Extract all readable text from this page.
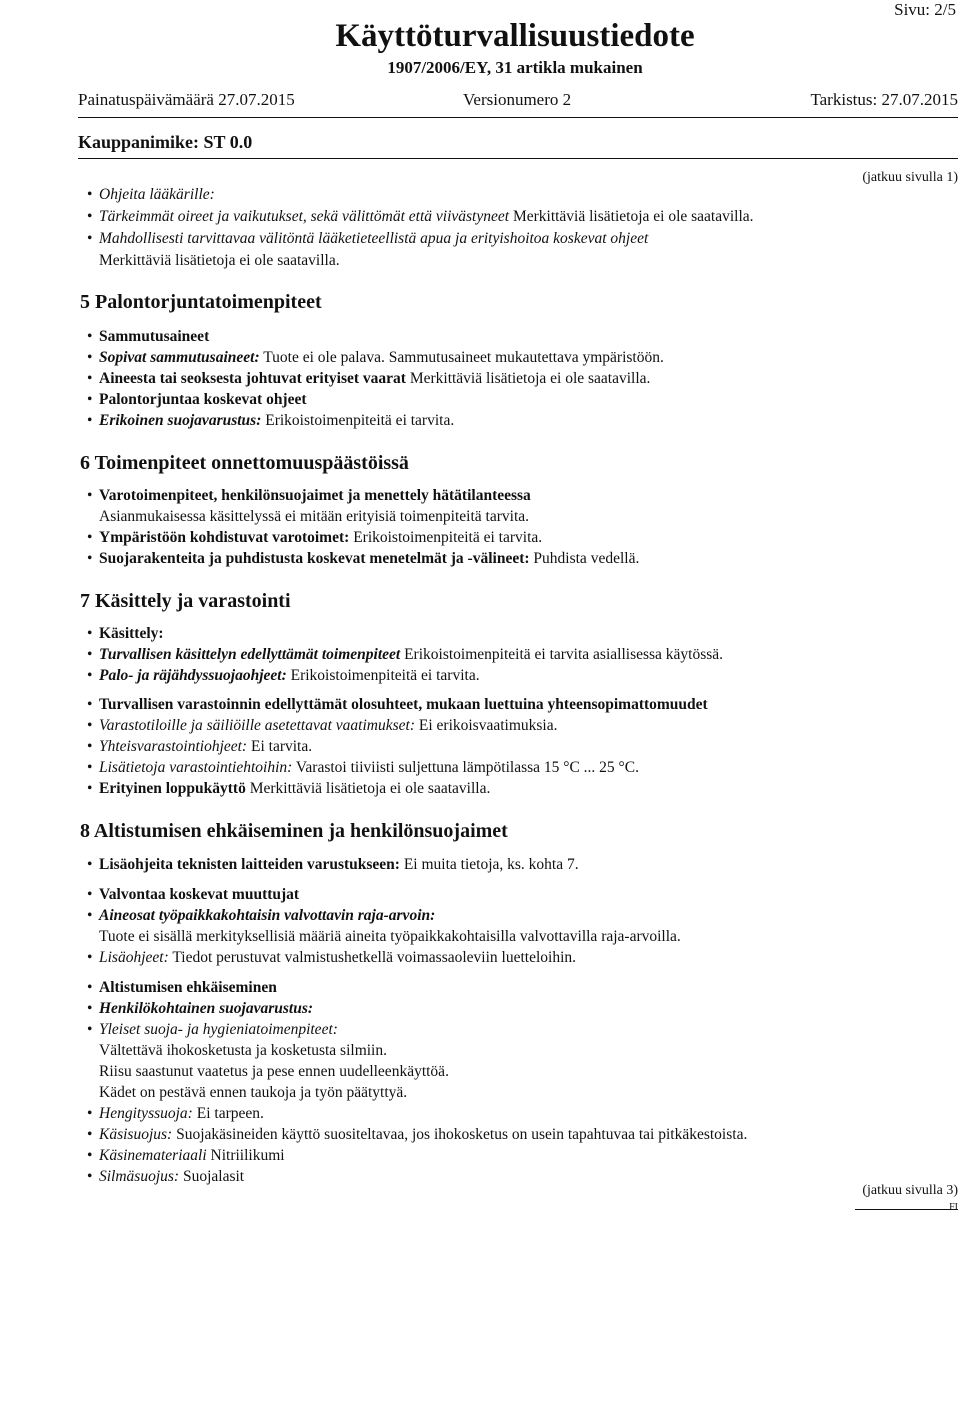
Sivu: 2/5
Käyttöturvallisuustiedote
1907/2006/EY, 31 artikla mukainen
Painatuspäivämäärä 27.07.2015	Versionumero 2	Tarkistus: 27.07.2015
Kauppanimike: ST 0.0
(jatkuu sivulla 1)
• Ohjeita lääkärille:
• Tärkeimmät oireet ja vaikutukset, sekä välittömät että viivästyneet Merkittäviä lisätietoja ei ole saatavilla.
• Mahdollisesti tarvittavaa välitöntä lääketieteellistä apua ja erityishoitoa koskevat ohjeet
Merkittäviä lisätietoja ei ole saatavilla.
5 Palontorjuntatoimenpiteet
• Sammutusaineet
• Sopivat sammutusaineet: Tuote ei ole palava. Sammutusaineet mukautettava ympäristöön.
• Aineesta tai seoksesta johtuvat erityiset vaarat Merkittäviä lisätietoja ei ole saatavilla.
• Palontorjuntaa koskevat ohjeet
• Erikoinen suojavarustus: Erikoistoimenpiteitä ei tarvita.
6 Toimenpiteet onnettomuuspäästöissä
• Varotoimenpiteet, henkilönsuojaimet ja menettely hätätilanteessa
Asianmukaisessa käsittelyssä ei mitään erityisiä toimenpiteitä tarvita.
• Ympäristöön kohdistuvat varotoimet: Erikoistoimenpiteitä ei tarvita.
• Suojarakenteita ja puhdistusta koskevat menetelmät ja -välineet: Puhdista vedellä.
7 Käsittely ja varastointi
• Käsittely:
• Turvallisen käsittelyn edellyttämät toimenpiteet Erikoistoimenpiteitä ei tarvita asiallisessa käytössä.
• Palo- ja räjähdyssuojaohjeet: Erikoistoimenpiteitä ei tarvita.
• Turvallisen varastoinnin edellyttämät olosuhteet, mukaan luettuina yhteensopimattomuudet
• Varastotiloille ja säiliöille asetettavat vaatimukset: Ei erikoisvaatimuksia.
• Yhteisvarastointiohjeet: Ei tarvita.
• Lisätietoja varastointiehtoihin: Varastoi tiiviisti suljettuna lämpötilassa 15 °C ... 25 °C.
• Erityinen loppukäyttö Merkittäviä lisätietoja ei ole saatavilla.
8 Altistumisen ehkäiseminen ja henkilönsuojaimet
• Lisäohjeita teknisten laitteiden varustukseen: Ei muita tietoja, ks. kohta 7.
• Valvontaa koskevat muuttujat
• Aineosat työpaikkakohtaisin valvottavin raja-arvoin:
Tuote ei sisällä merkityksellisiä määriä aineita työpaikkakohtaisilla valvottavilla raja-arvoilla.
• Lisäohjeet: Tiedot perustuvat valmistushetkellä voimassaoleviin luetteloihin.
• Altistumisen ehkäiseminen
• Henkilökohtainen suojavarustus:
• Yleiset suoja- ja hygieniatoimenpiteet:
Vältettävä ihokosketusta ja kosketusta silmiin.
Riisu saastunut vaatetus ja pese ennen uudelleenkäyttöä.
Kädet on pestävä ennen taukoja ja työn päätyttyä.
• Hengityssuoja: Ei tarpeen.
• Käsisuojus: Suojakäsineiden käyttö suositeltavaa, jos ihokosketus on usein tapahtuvaa tai pitkäkestoista.
• Käsinemateriaali Nitriilikumi
• Silmäsuojus: Suojalasit
(jatkuu sivulla 3)
FI
